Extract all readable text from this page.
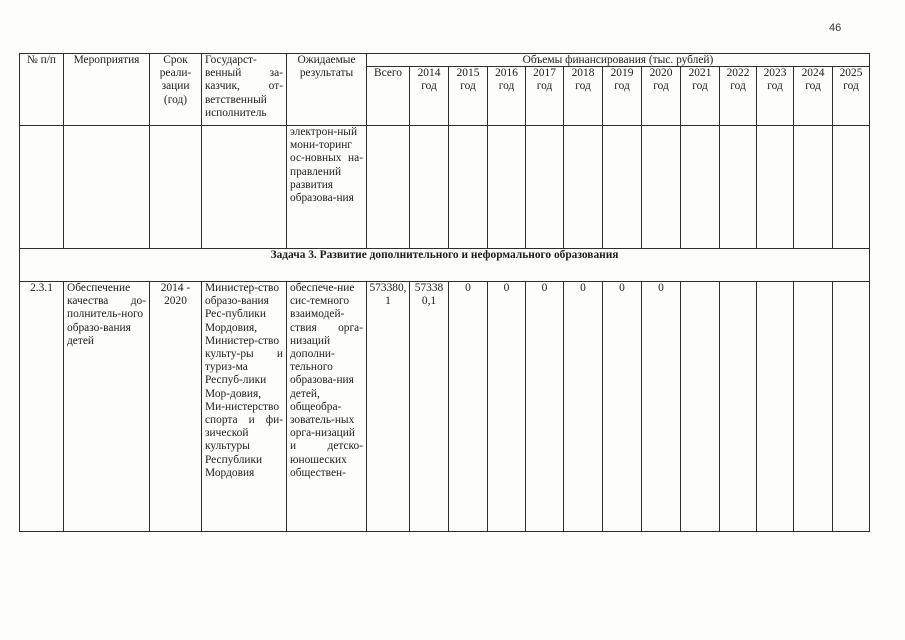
46
№ п/п	Мероприятия	Срок реали-зации (год)	Государст-венный за-казчик, от-ветственный исполнитель	Ожидаемые результаты	Объемы финансирования (тыс. рублей)												
					Всего	2014 год	2015 год	2016 год	2017 год	2018 год	2019 год	2020 год	2021 год	2022 год	2023 год	2024 год	2025 год
				электрон-ный мони-торинг ос-новных на-правлений развития образова-ния													
Задача 3. Развитие дополнительного и неформального образования																	
2.3.1	Обеспечение качества до-полнитель-ного образо-вания детей	2014 - 2020	Министер-ство образо-вания Рес-публики Мордовия, Министер-ство культу-ры и туриз-ма Респуб-лики Мор-довия, Ми-нистерство спорта и фи-зической культуры Республики Мордовия	обеспече-ние сис-темного взаимодей-ствия орга-низаций дополни-тельного образова-ния детей, общеобра-зователь-ных орга-низаций и детско-юношеских обществен-	573380,1	573380,1	0	0	0	0	0	0					
